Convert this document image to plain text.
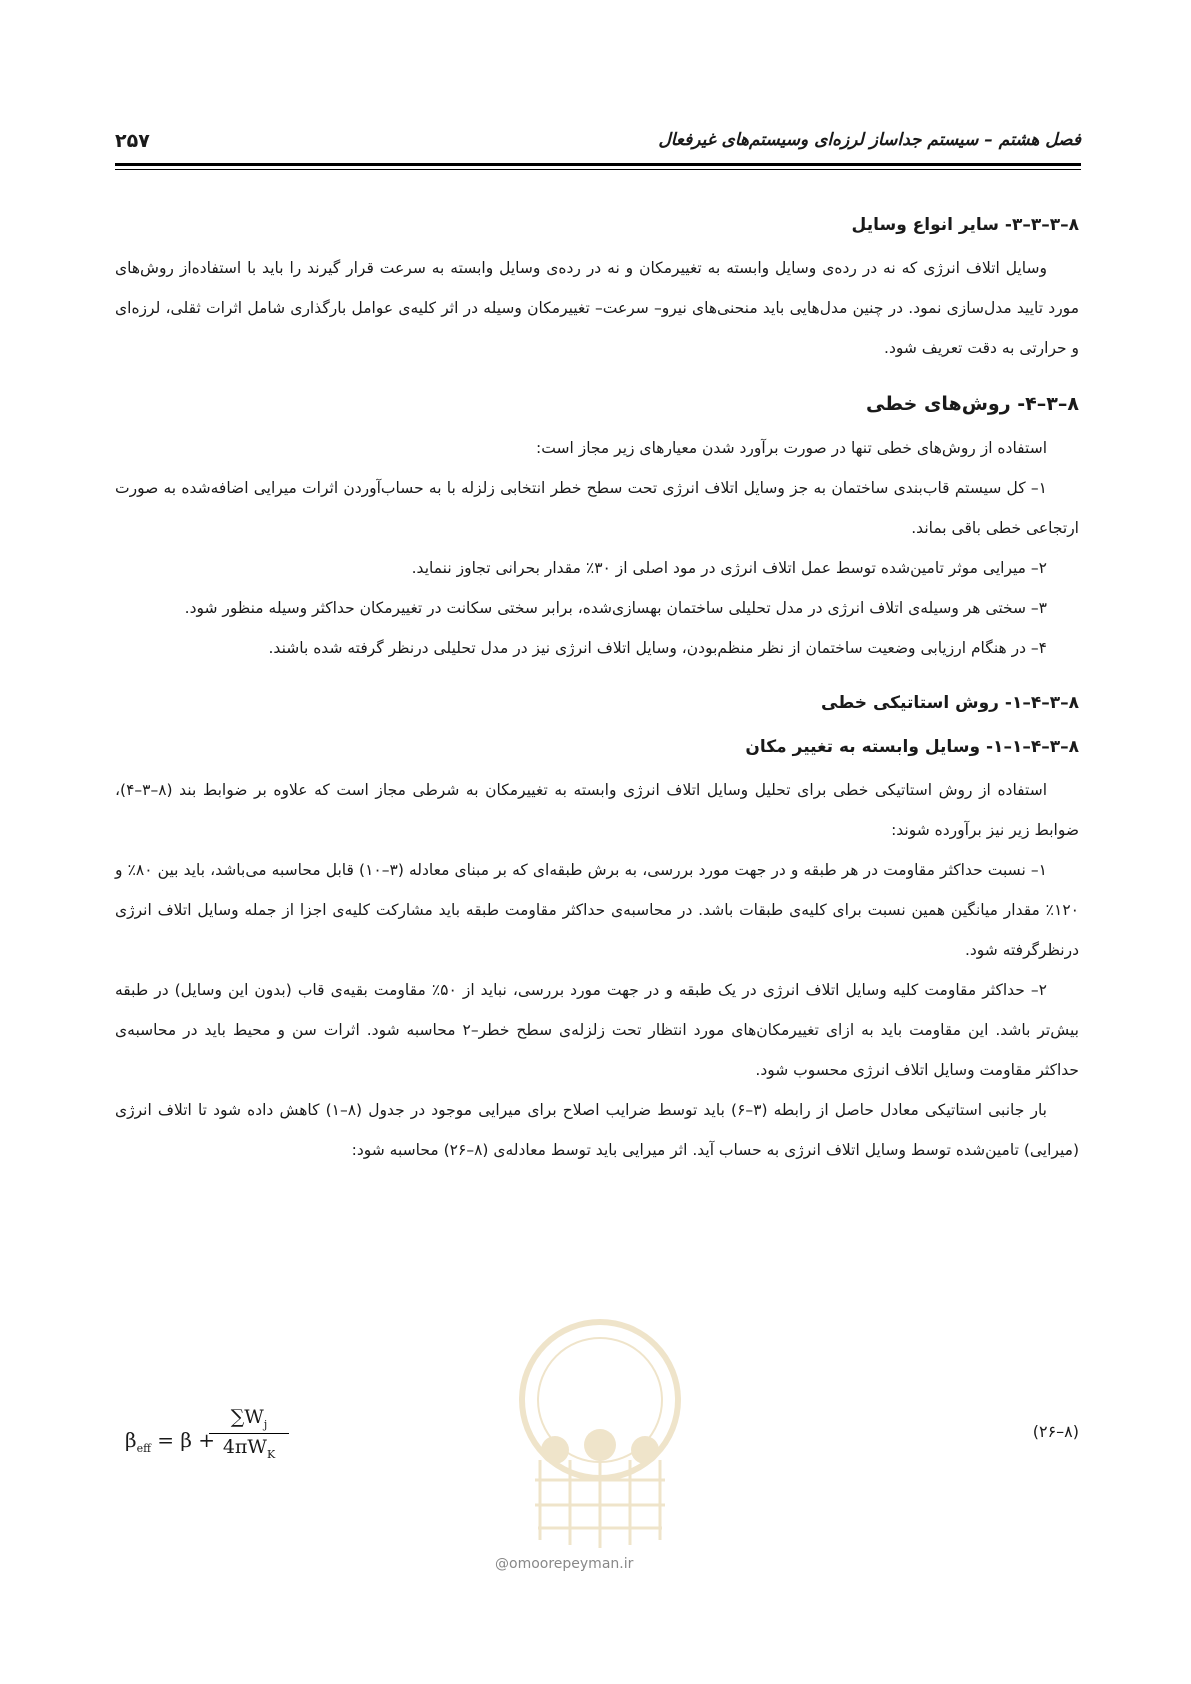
۲۵۷	فصل هشتم – سیستم جداساز لرزه‌ای وسیستم‌های غیرفعال
۸–۳–۳–۳- سایر انواع وسایل

وسایل اتلاف انرژی که نه در رده‌ی وسایل وابسته به تغییرمکان و نه در رده‌ی وسایل وابسته به سرعت قرار گیرند را باید با استفاده‌از روش‌های مورد تایید مدل‌سازی نمود. در چنین مدل‌هایی باید منحنی‌های نیرو– سرعت– تغییرمکان وسیله در اثر کلیه‌ی عوامل بارگذاری شامل اثرات ثقلی، لرزه‌ای و حرارتی به دقت تعریف شود.

۸–۳–۴- روش‌های خطی

استفاده از روش‌های خطی تنها در صورت برآورد شدن معیارهای زیر مجاز است:

۱– کل سیستم قاب‌بندی ساختمان به جز وسایل اتلاف انرژی تحت سطح خطر انتخابی زلزله با به حساب‌آوردن اثرات میرایی اضافه‌شده به صورت ارتجاعی خطی باقی بماند.

۲– میرایی موثر تامین‌شده توسط عمل اتلاف انرژی در مود اصلی از ۳۰٪ مقدار بحرانی تجاوز ننماید.

۳– سختی هر وسیله‌ی اتلاف انرژی در مدل تحلیلی ساختمان بهسازی‌شده، برابر سختی سکانت در تغییرمکان حداکثر وسیله منظور شود.

۴– در هنگام ارزیابی وضعیت ساختمان از نظر منظم‌بودن، وسایل اتلاف انرژی نیز در مدل تحلیلی درنظر گرفته شده باشند.

۸–۳–۴–۱- روش استاتیکی خطی
۸–۳–۴–۱–۱- وسایل وابسته به تغییر مکان

استفاده از روش استاتیکی خطی برای تحلیل وسایل اتلاف انرژی وابسته به تغییرمکان به شرطی مجاز است که علاوه بر ضوابط بند (۸–۳–۴)، ضوابط زیر نیز برآورده شوند:

۱– نسبت حداکثر مقاومت در هر طبقه و در جهت مورد بررسی، به برش طبقه‌ای که بر مبنای معادله (۳–۱۰) قابل محاسبه می‌باشد، باید بین ۸۰٪ و ۱۲۰٪ مقدار میانگین همین نسبت برای کلیه‌ی طبقات باشد. در محاسبه‌ی حداکثر مقاومت طبقه باید مشارکت کلیه‌ی اجزا از جمله وسایل اتلاف انرژی درنظرگرفته شود.

۲– حداکثر مقاومت کلیه وسایل اتلاف انرژی در یک طبقه و در جهت مورد بررسی، نباید از ۵۰٪ مقاومت بقیه‌ی قاب (بدون این وسایل) در طبقه بیش‌تر باشد. این مقاومت باید به ازای تغییرمکان‌های مورد انتظار تحت زلزله‌ی سطح خطر–۲ محاسبه شود. اثرات سن و محیط باید در محاسبه‌ی حداکثر مقاومت وسایل اتلاف انرژی محسوب شود.

بار جانبی استاتیکی معادل حاصل از رابطه (۳–۶) باید توسط ضرایب اصلاح برای میرایی موجود در جدول (۸–۱) کاهش داده شود تا اتلاف انرژی (میرایی) تامین‌شده توسط وسایل اتلاف انرژی به حساب آید. اثر میرایی باید توسط معادله‌ی (۸–۲۶) محاسبه شود:

(۸–۲۶)
$\beta_{eff} = \beta$ +
$\sum W_j$
$4\pi W_K$
@omoorepeyman.ir
